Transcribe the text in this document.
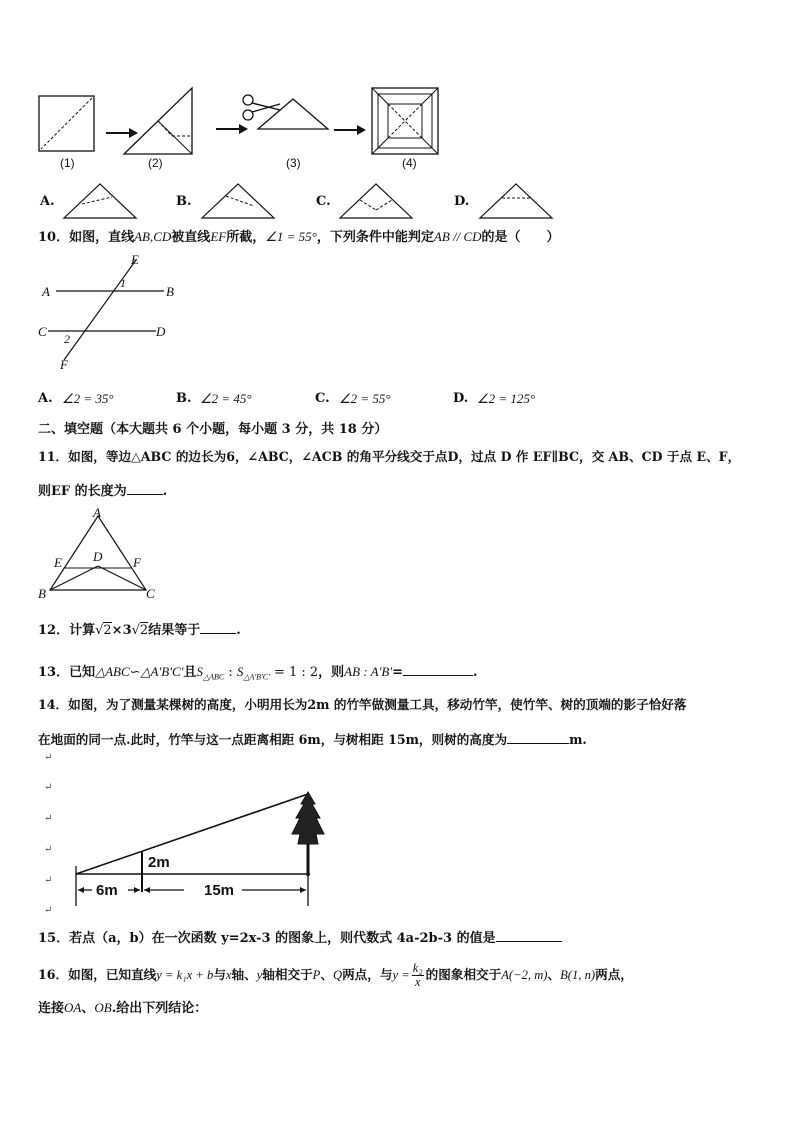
(1)	(2)	(3)	(4)
A.	B.	C.	D.
10．如图，直线AB,CD被直线EF所截，∠1 = 55°，下列条件中能判定AB // CD的是（　　）
E
A
1
B
C	D
2
F
A. ∠2 = 35°	B. ∠2 = 45°	C. ∠2 = 55°	D. ∠2 = 125°
二、填空题（本大题共 6 个小题，每小题 3 分，共 18 分）
11．如图，等边△ABC 的边长为6，∠ABC，∠ACB 的角平分线交于点D，过点 D 作 EF∥BC，交 AB、CD 于点 E、F，
则EF 的长度为	.
A
E D F
B	C
12．计算√2×3√2结果等于	.
13．已知△ABC∽△A'B'C'且$S_{\triangle ABC}$ : $S_{\triangle A'B'C'} = 1$ : 2，则AB : A'B'=	.
14．如图，为了测量某棵树的高度，小明用长为2m 的竹竿做测量工具，移动竹竿，使竹竿、树的顶端的影子恰好落
在地面的同一点.此时，竹竿与这一点距离相距 6m，与树相距 15m，则树的高度为	m.
↵
↵
↵
↵
↵
↵
2m
6m	15m
15．若点（a，b）在一次函数 y=2x-3 的图象上，则代数式 4a-2b-3 的值是
16．如图，已知直线y = k₁x + b与x轴、y轴相交于P、Q两点，与$y = \frac{\text{k₂}}{x}$ 的图象相交于A(−2, m)、B(1, n)两点，
连接OA、OB.给出下列结论：
